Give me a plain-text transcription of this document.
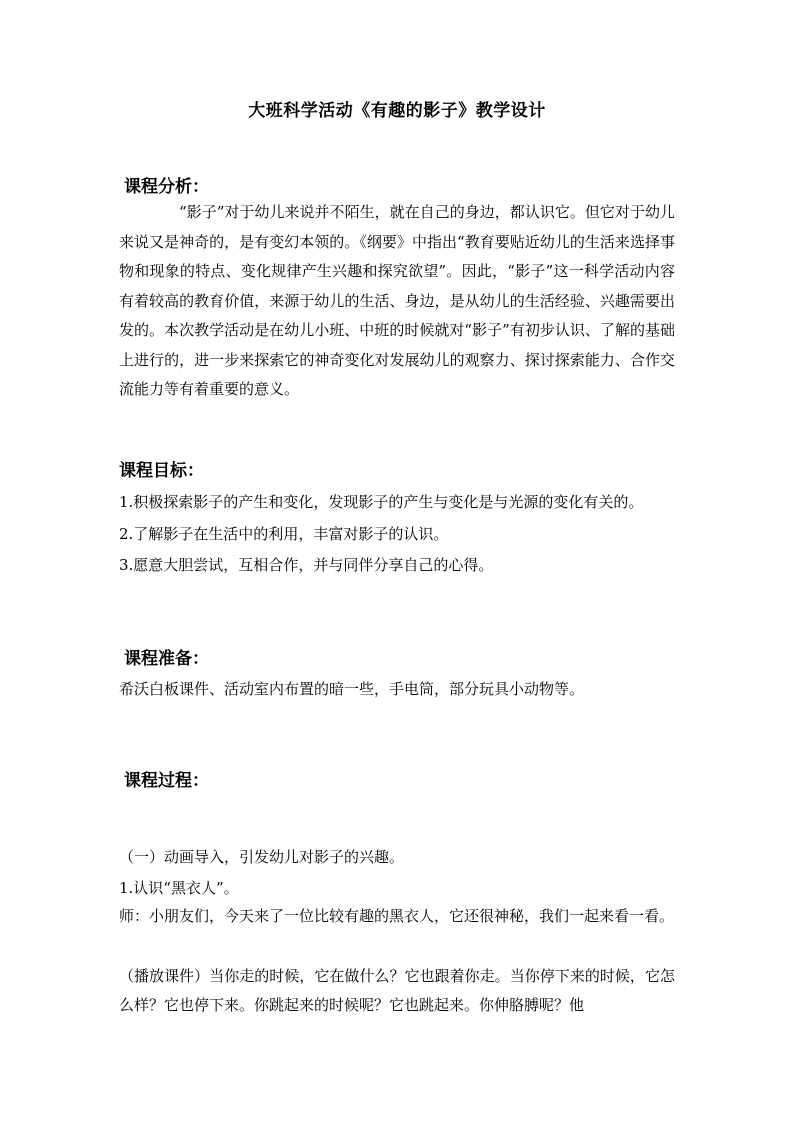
大班科学活动《有趣的影子》教学设计
课程分析：
“影子”对于幼儿来说并不陌生，就在自己的身边，都认识它。但它对于幼儿来说又是神奇的，是有变幻本领的。《纲要》中指出“教育要贴近幼儿的生活来选择事物和现象的特点、变化规律产生兴趣和探究欲望”。因此，“影子”这一科学活动内容有着较高的教育价值，来源于幼儿的生活、身边，是从幼儿的生活经验、兴趣需要出发的。本次教学活动是在幼儿小班、中班的时候就对“影子”有初步认识、了解的基础上进行的，进一步来探索它的神奇变化对发展幼儿的观察力、探讨探索能力、合作交流能力等有着重要的意义。
课程目标：
1.积极探索影子的产生和变化，发现影子的产生与变化是与光源的变化有关的。
2.了解影子在生活中的利用，丰富对影子的认识。
3.愿意大胆尝试，互相合作，并与同伴分享自己的心得。
课程准备：
希沃白板课件、活动室内布置的暗一些，手电筒，部分玩具小动物等。
课程过程：
（一）动画导入，引发幼儿对影子的兴趣。
1.认识“黑衣人”。
师：小朋友们，今天来了一位比较有趣的黑衣人，它还很神秘，我们一起来看一看。
（播放课件）当你走的时候，它在做什么？它也跟着你走。当你停下来的时候，它怎么样？它也停下来。你跳起来的时候呢？它也跳起来。你伸胳膊呢？他
